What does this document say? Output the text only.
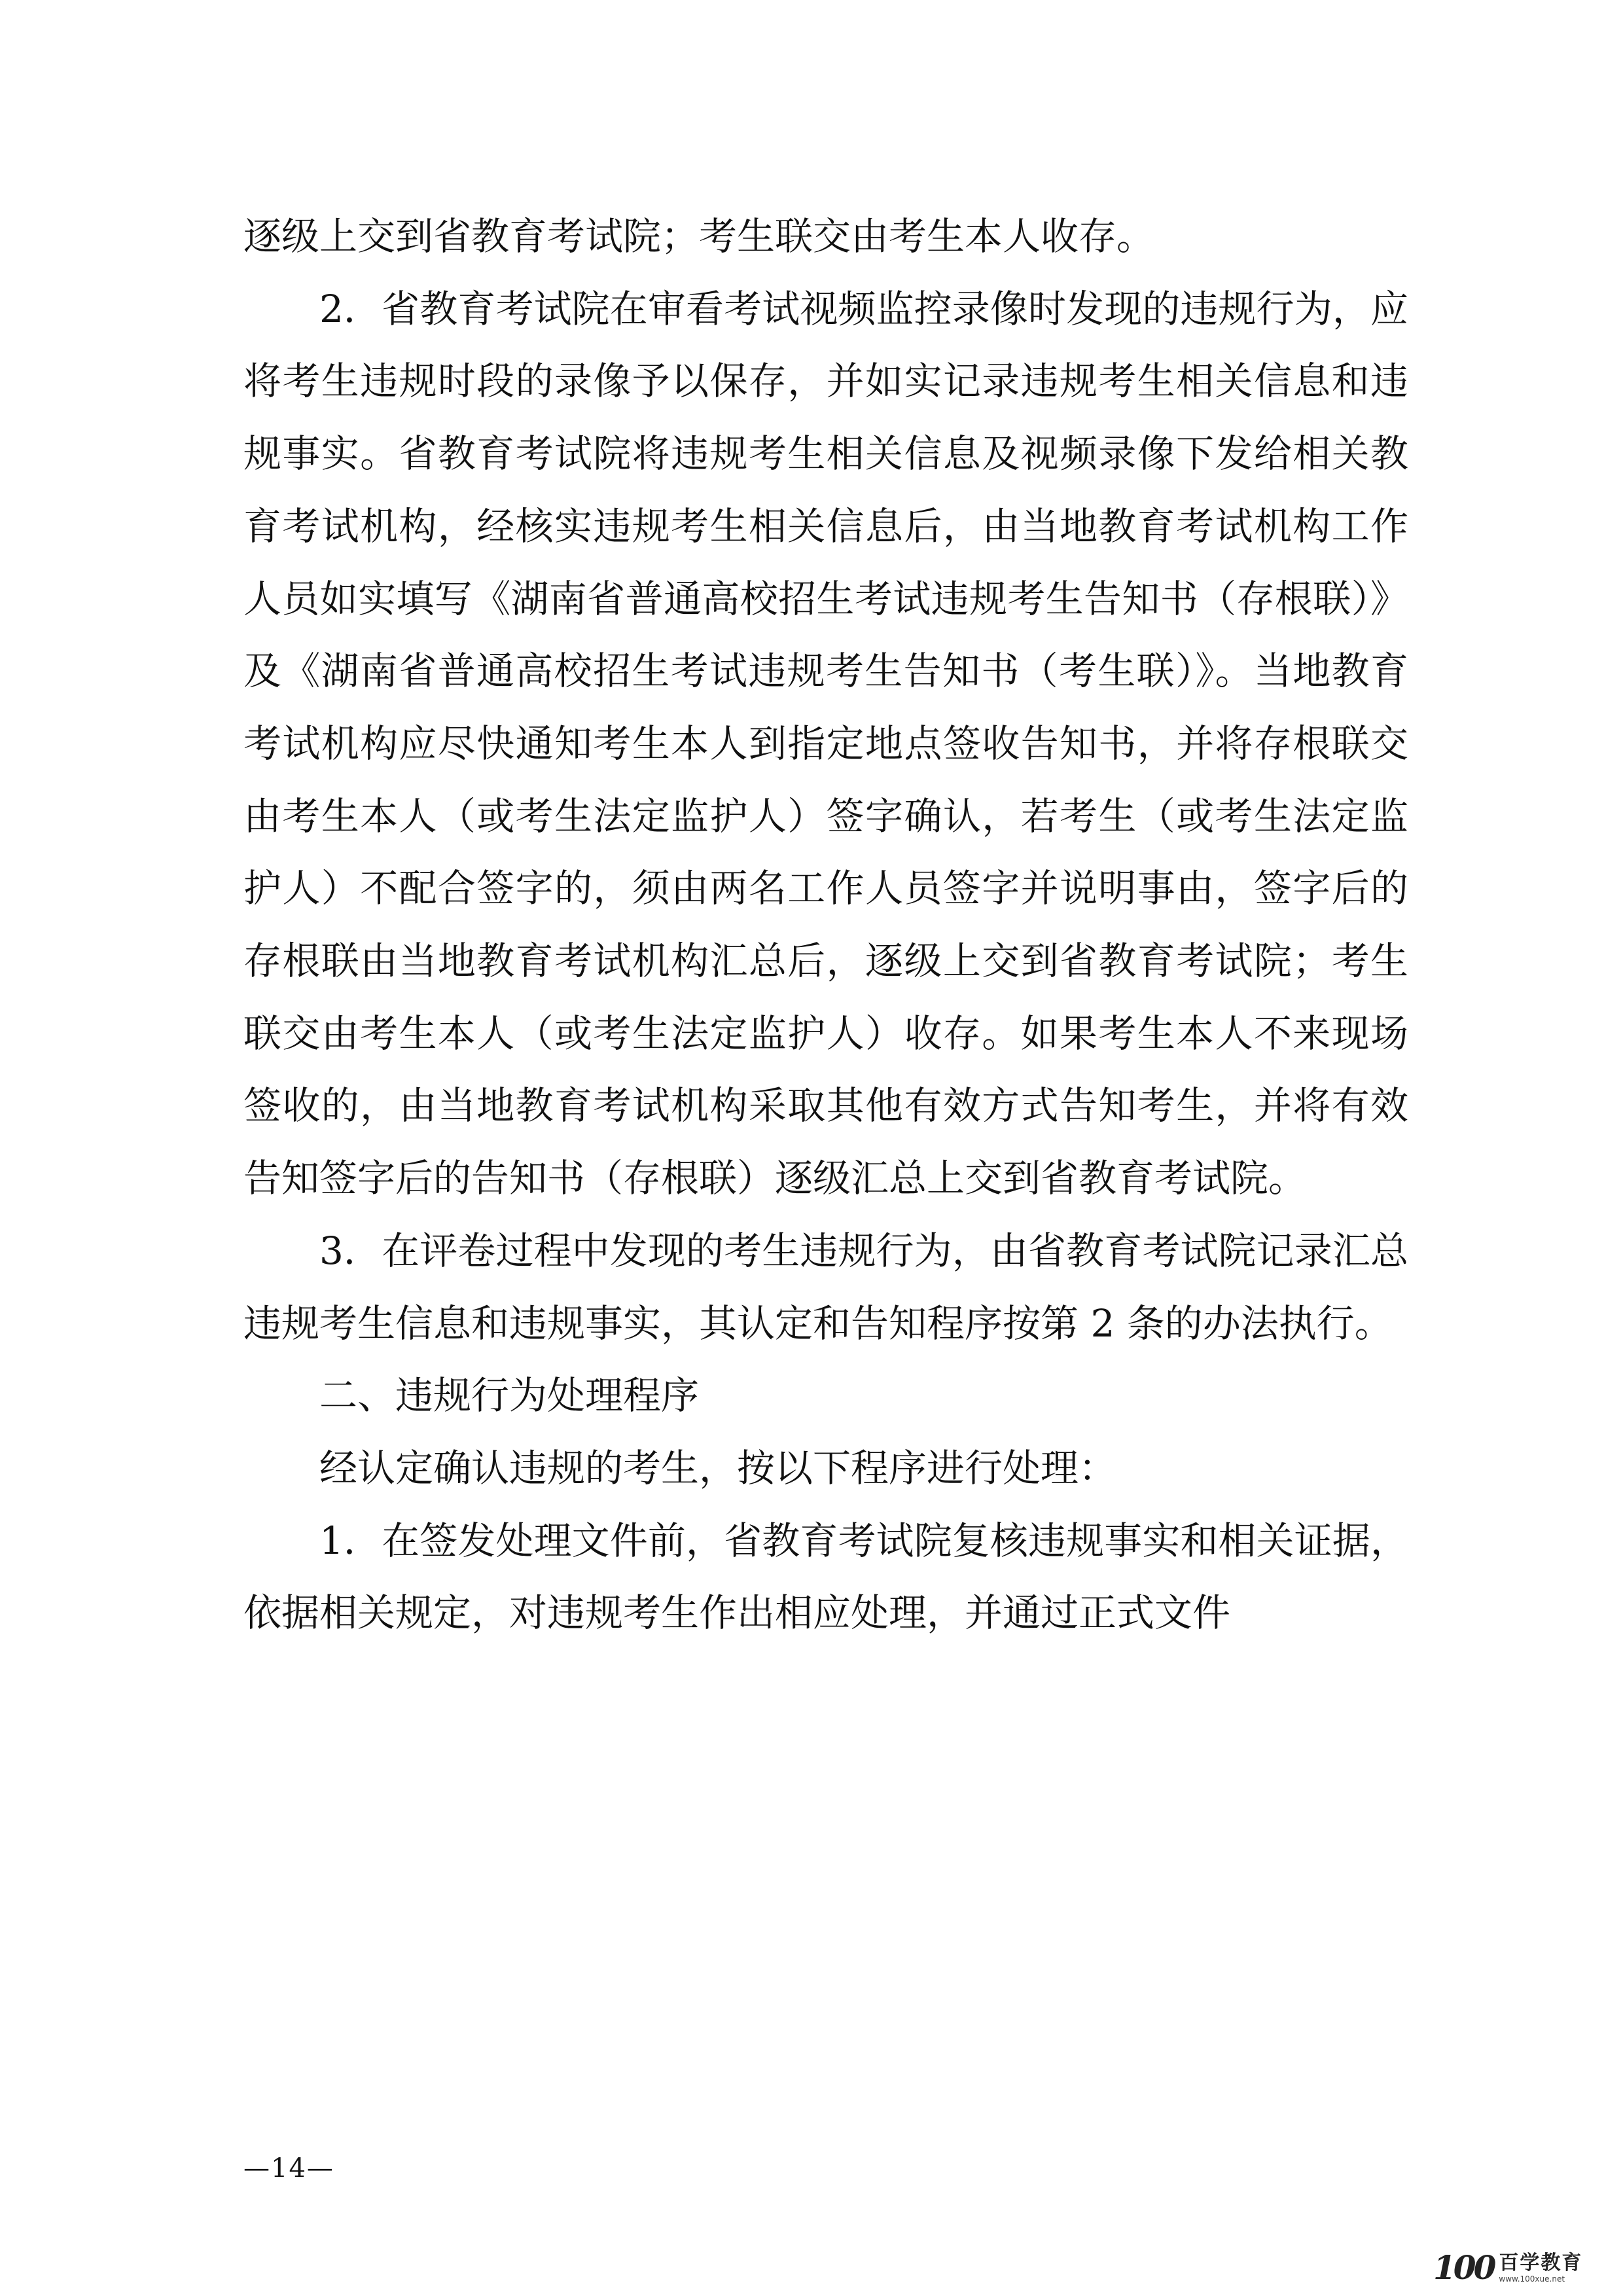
逐级上交到省教育考试院；考生联交由考生本人收存。

2．省教育考试院在审看考试视频监控录像时发现的违规行为，应将考生违规时段的录像予以保存，并如实记录违规考生相关信息和违规事实。省教育考试院将违规考生相关信息及视频录像下发给相关教育考试机构，经核实违规考生相关信息后，由当地教育考试机构工作人员如实填写《湖南省普通高校招生考试违规考生告知书（存根联）》及《湖南省普通高校招生考试违规考生告知书（考生联）》。当地教育考试机构应尽快通知考生本人到指定地点签收告知书，并将存根联交由考生本人（或考生法定监护人）签字确认，若考生（或考生法定监护人）不配合签字的，须由两名工作人员签字并说明事由，签字后的存根联由当地教育考试机构汇总后，逐级上交到省教育考试院；考生联交由考生本人（或考生法定监护人）收存。如果考生本人不来现场签收的，由当地教育考试机构采取其他有效方式告知考生，并将有效告知签字后的告知书（存根联）逐级汇总上交到省教育考试院。

3．在评卷过程中发现的考生违规行为，由省教育考试院记录汇总违规考生信息和违规事实，其认定和告知程序按第 2 条的办法执行。

二、违规行为处理程序

经认定确认违规的考生，按以下程序进行处理：

1．在签发处理文件前，省教育考试院复核违规事实和相关证据，依据相关规定，对违规考生作出相应处理，并通过正式文件

—14—
100 百学教育
www.100xue.net
